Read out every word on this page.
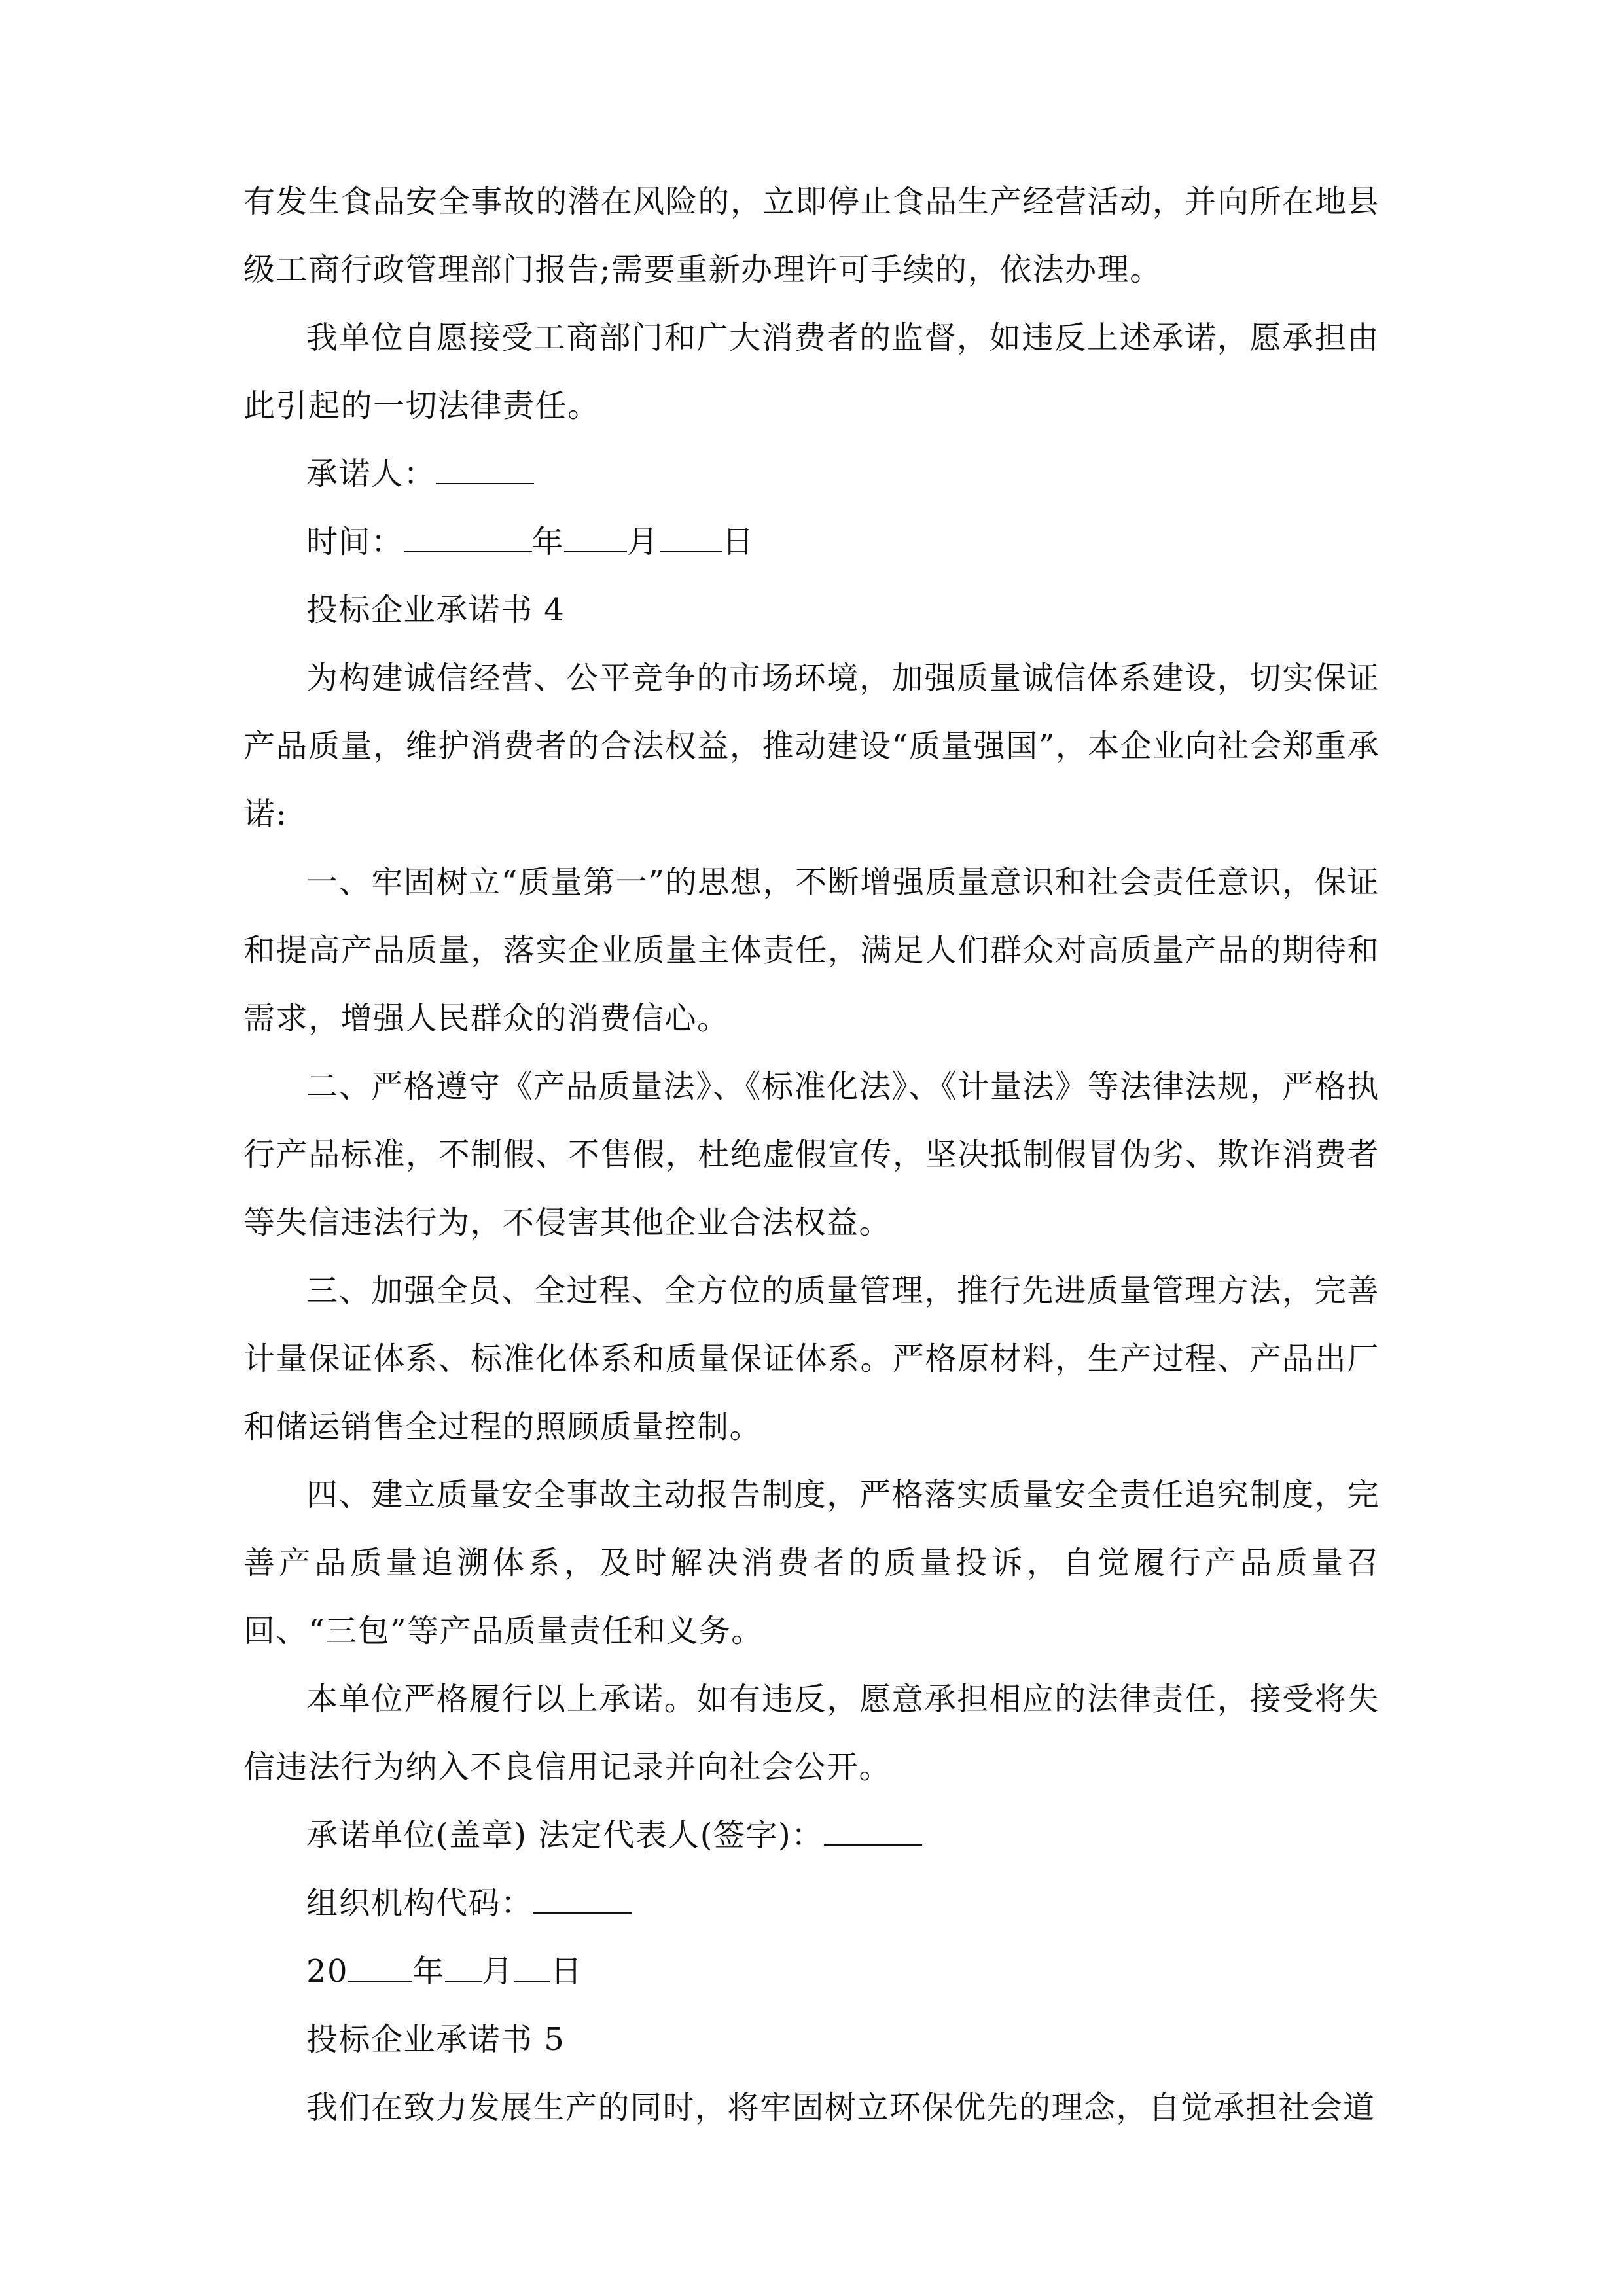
有发生食品安全事故的潜在风险的，立即停止食品生产经营活动，并向所在地县级工商行政管理部门报告;需要重新办理许可手续的，依法办理。

我单位自愿接受工商部门和广大消费者的监督，如违反上述承诺，愿承担由此引起的一切法律责任。

承诺人：

时间：	年 月 日

投标企业承诺书 4

为构建诚信经营、公平竞争的市场环境，加强质量诚信体系建设，切实保证产品质量，维护消费者的合法权益，推动建设“质量强国”，本企业向社会郑重承诺:

一、牢固树立“质量第一”的思想，不断增强质量意识和社会责任意识，保证和提高产品质量，落实企业质量主体责任，满足人们群众对高质量产品的期待和需求，增强人民群众的消费信心。

二、严格遵守《产品质量法》、《标准化法》、《计量法》等法律法规，严格执行产品标准，不制假、不售假，杜绝虚假宣传，坚决抵制假冒伪劣、欺诈消费者等失信违法行为，不侵害其他企业合法权益。

三、加强全员、全过程、全方位的质量管理，推行先进质量管理方法，完善计量保证体系、标准化体系和质量保证体系。严格原材料，生产过程、产品出厂和储运销售全过程的照顾质量控制。

四、建立质量安全事故主动报告制度，严格落实质量安全责任追究制度，完善产品质量追溯体系，及时解决消费者的质量投诉，自觉履行产品质量召回、“三包”等产品质量责任和义务。

本单位严格履行以上承诺。如有违反，愿意承担相应的法律责任，接受将失信违法行为纳入不良信用记录并向社会公开。

承诺单位(盖章) 法定代表人(签字)：

组织机构代码：

20 年 月 日

投标企业承诺书 5

我们在致力发展生产的同时，将牢固树立环保优先的理念，自觉承担社会道
